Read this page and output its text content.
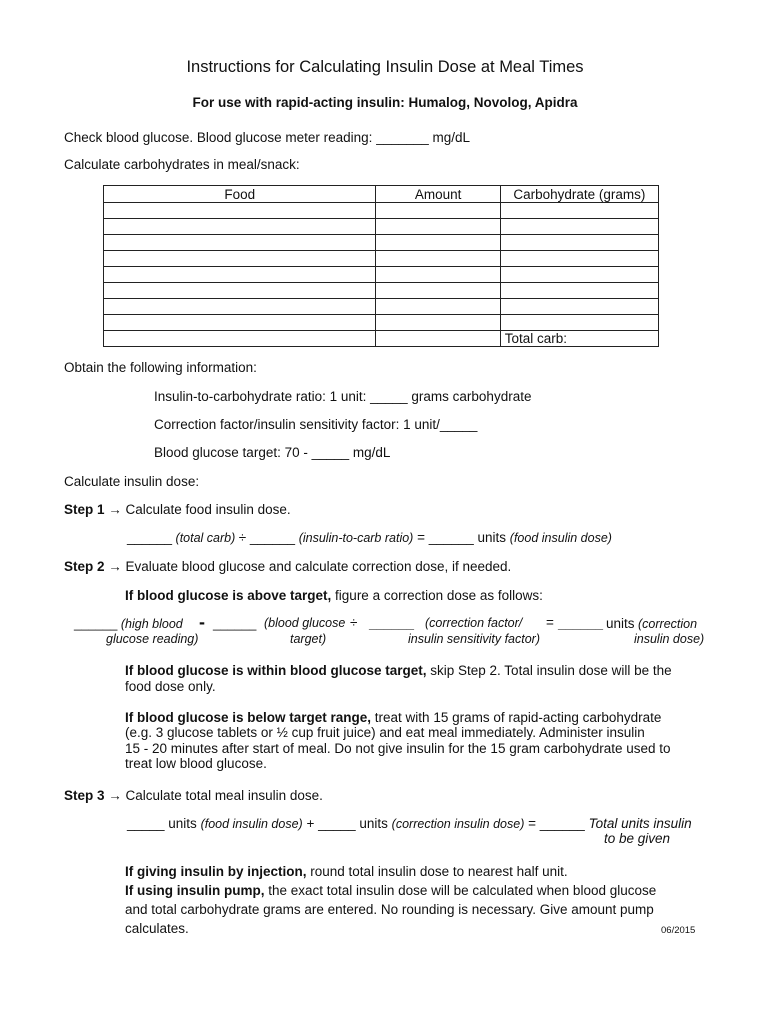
Instructions for Calculating Insulin Dose at Meal Times
For use with rapid-acting insulin: Humalog, Novolog, Apidra
Check blood glucose. Blood glucose meter reading: _______ mg/dL
Calculate carbohydrates in meal/snack:
Food	Amount	Carbohydrate (grams)

		Total carb:
Obtain the following information:
Insulin-to-carbohydrate ratio: 1 unit: _____ grams carbohydrate
Correction factor/insulin sensitivity factor: 1 unit/_____
Blood glucose target: 70 - _____ mg/dL
Calculate insulin dose:
Step 1 → Calculate food insulin dose.
______ (total carb) ÷ ______ (insulin-to-carb ratio) = ______ units (food insulin dose)
Step 2 → Evaluate blood glucose and calculate correction dose, if needed.
If blood glucose is above target, figure a correction dose as follows:
______ (high blood
glucose reading)
- ______ (blood glucose
target)
÷ ______ (correction factor/
insulin sensitivity factor)
= ______ units (correction
insulin dose)
If blood glucose is within blood glucose target, skip Step 2. Total insulin dose will be the
food dose only.
If blood glucose is below target range, treat with 15 grams of rapid-acting carbohydrate
(e.g. 3 glucose tablets or ½ cup fruit juice) and eat meal immediately. Administer insulin
15 - 20 minutes after start of meal. Do not give insulin for the 15 gram carbohydrate used to
treat low blood glucose.
Step 3 → Calculate total meal insulin dose.
_____ units (food insulin dose) + _____ units (correction insulin dose) = ______ Total units insulin
to be given
If giving insulin by injection, round total insulin dose to nearest half unit.
If using insulin pump, the exact total insulin dose will be calculated when blood glucose
and total carbohydrate grams are entered. No rounding is necessary. Give amount pump
calculates.	06/2015
